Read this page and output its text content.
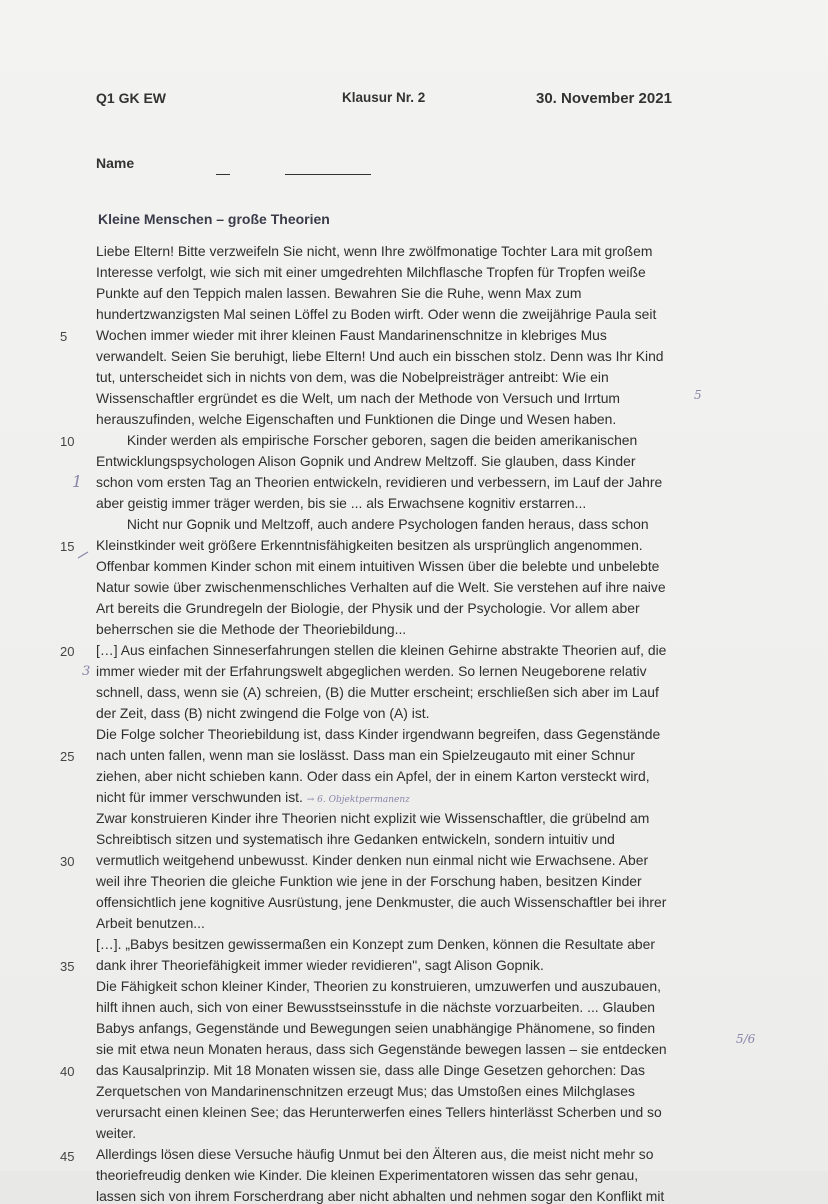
Q1 GK EW	Klausur Nr. 2	30. November 2021
Name
Kleine Menschen – große Theorien
Liebe Eltern! Bitte verzweifeln Sie nicht, wenn Ihre zwölfmonatige Tochter Lara mit großem
Interesse verfolgt, wie sich mit einer umgedrehten Milchflasche Tropfen für Tropfen weiße
Punkte auf den Teppich malen lassen. Bewahren Sie die Ruhe, wenn Max zum
hundertzwanzigsten Mal seinen Löffel zu Boden wirft. Oder wenn die zweijährige Paula seit
Wochen immer wieder mit ihrer kleinen Faust Mandarinenschnitze in klebriges Mus
verwandelt. Seien Sie beruhigt, liebe Eltern! Und auch ein bisschen stolz. Denn was Ihr Kind
tut, unterscheidet sich in nichts von dem, was die Nobelpreisträger antreibt: Wie ein
Wissenschaftler ergründet es die Welt, um nach der Methode von Versuch und Irrtum
herauszufinden, welche Eigenschaften und Funktionen die Dinge und Wesen haben.
Kinder werden als empirische Forscher geboren, sagen die beiden amerikanischen
Entwicklungspsychologen Alison Gopnik und Andrew Meltzoff. Sie glauben, dass Kinder
schon vom ersten Tag an Theorien entwickeln, revidieren und verbessern, im Lauf der Jahre
aber geistig immer träger werden, bis sie ... als Erwachsene kognitiv erstarren...
Nicht nur Gopnik und Meltzoff, auch andere Psychologen fanden heraus, dass schon
Kleinstkinder weit größere Erkenntnisfähigkeiten besitzen als ursprünglich angenommen.
Offenbar kommen Kinder schon mit einem intuitiven Wissen über die belebte und unbelebte
Natur sowie über zwischenmenschliches Verhalten auf die Welt. Sie verstehen auf ihre naive
Art bereits die Grundregeln der Biologie, der Physik und der Psychologie. Vor allem aber
beherrschen sie die Methode der Theoriebildung...
[…] Aus einfachen Sinneserfahrungen stellen die kleinen Gehirne abstrakte Theorien auf, die
immer wieder mit der Erfahrungswelt abgeglichen werden. So lernen Neugeborene relativ
schnell, dass, wenn sie (A) schreien, (B) die Mutter erscheint; erschließen sich aber im Lauf
der Zeit, dass (B) nicht zwingend die Folge von (A) ist.
Die Folge solcher Theoriebildung ist, dass Kinder irgendwann begreifen, dass Gegenstände
nach unten fallen, wenn man sie loslässt. Dass man ein Spielzeugauto mit einer Schnur
ziehen, aber nicht schieben kann. Oder dass ein Apfel, der in einem Karton versteckt wird,
nicht für immer verschwunden ist. → 6. Objektpermanenz
Zwar konstruieren Kinder ihre Theorien nicht explizit wie Wissenschaftler, die grübelnd am
Schreibtisch sitzen und systematisch ihre Gedanken entwickeln, sondern intuitiv und
vermutlich weitgehend unbewusst. Kinder denken nun einmal nicht wie Erwachsene. Aber
weil ihre Theorien die gleiche Funktion wie jene in der Forschung haben, besitzen Kinder
offensichtlich jene kognitive Ausrüstung, jene Denkmuster, die auch Wissenschaftler bei ihrer
Arbeit benutzen...
[…]. „Babys besitzen gewissermaßen ein Konzept zum Denken, können die Resultate aber
dank ihrer Theoriefähigkeit immer wieder revidieren", sagt Alison Gopnik.
Die Fähigkeit schon kleiner Kinder, Theorien zu konstruieren, umzuwerfen und auszubauen,
hilft ihnen auch, sich von einer Bewusstseinsstufe in die nächste vorzuarbeiten. ... Glauben
Babys anfangs, Gegenstände und Bewegungen seien unabhängige Phänomene, so finden
sie mit etwa neun Monaten heraus, dass sich Gegenstände bewegen lassen – sie entdecken
das Kausalprinzip. Mit 18 Monaten wissen sie, dass alle Dinge Gesetzen gehorchen: Das
Zerquetschen von Mandarinenschnitzen erzeugt Mus; das Umstoßen eines Milchglases
verursacht einen kleinen See; das Herunterwerfen eines Tellers hinterlässt Scherben und so
weiter.
Allerdings lösen diese Versuche häufig Unmut bei den Älteren aus, die meist nicht mehr so
theoriefreudig denken wie Kinder. Die kleinen Experimentatoren wissen das sehr genau,
lassen sich von ihrem Forscherdrang aber nicht abhalten und nehmen sogar den Konflikt mit
5
10
15
20
25
30
35
40
45
5
1
3
5/6
